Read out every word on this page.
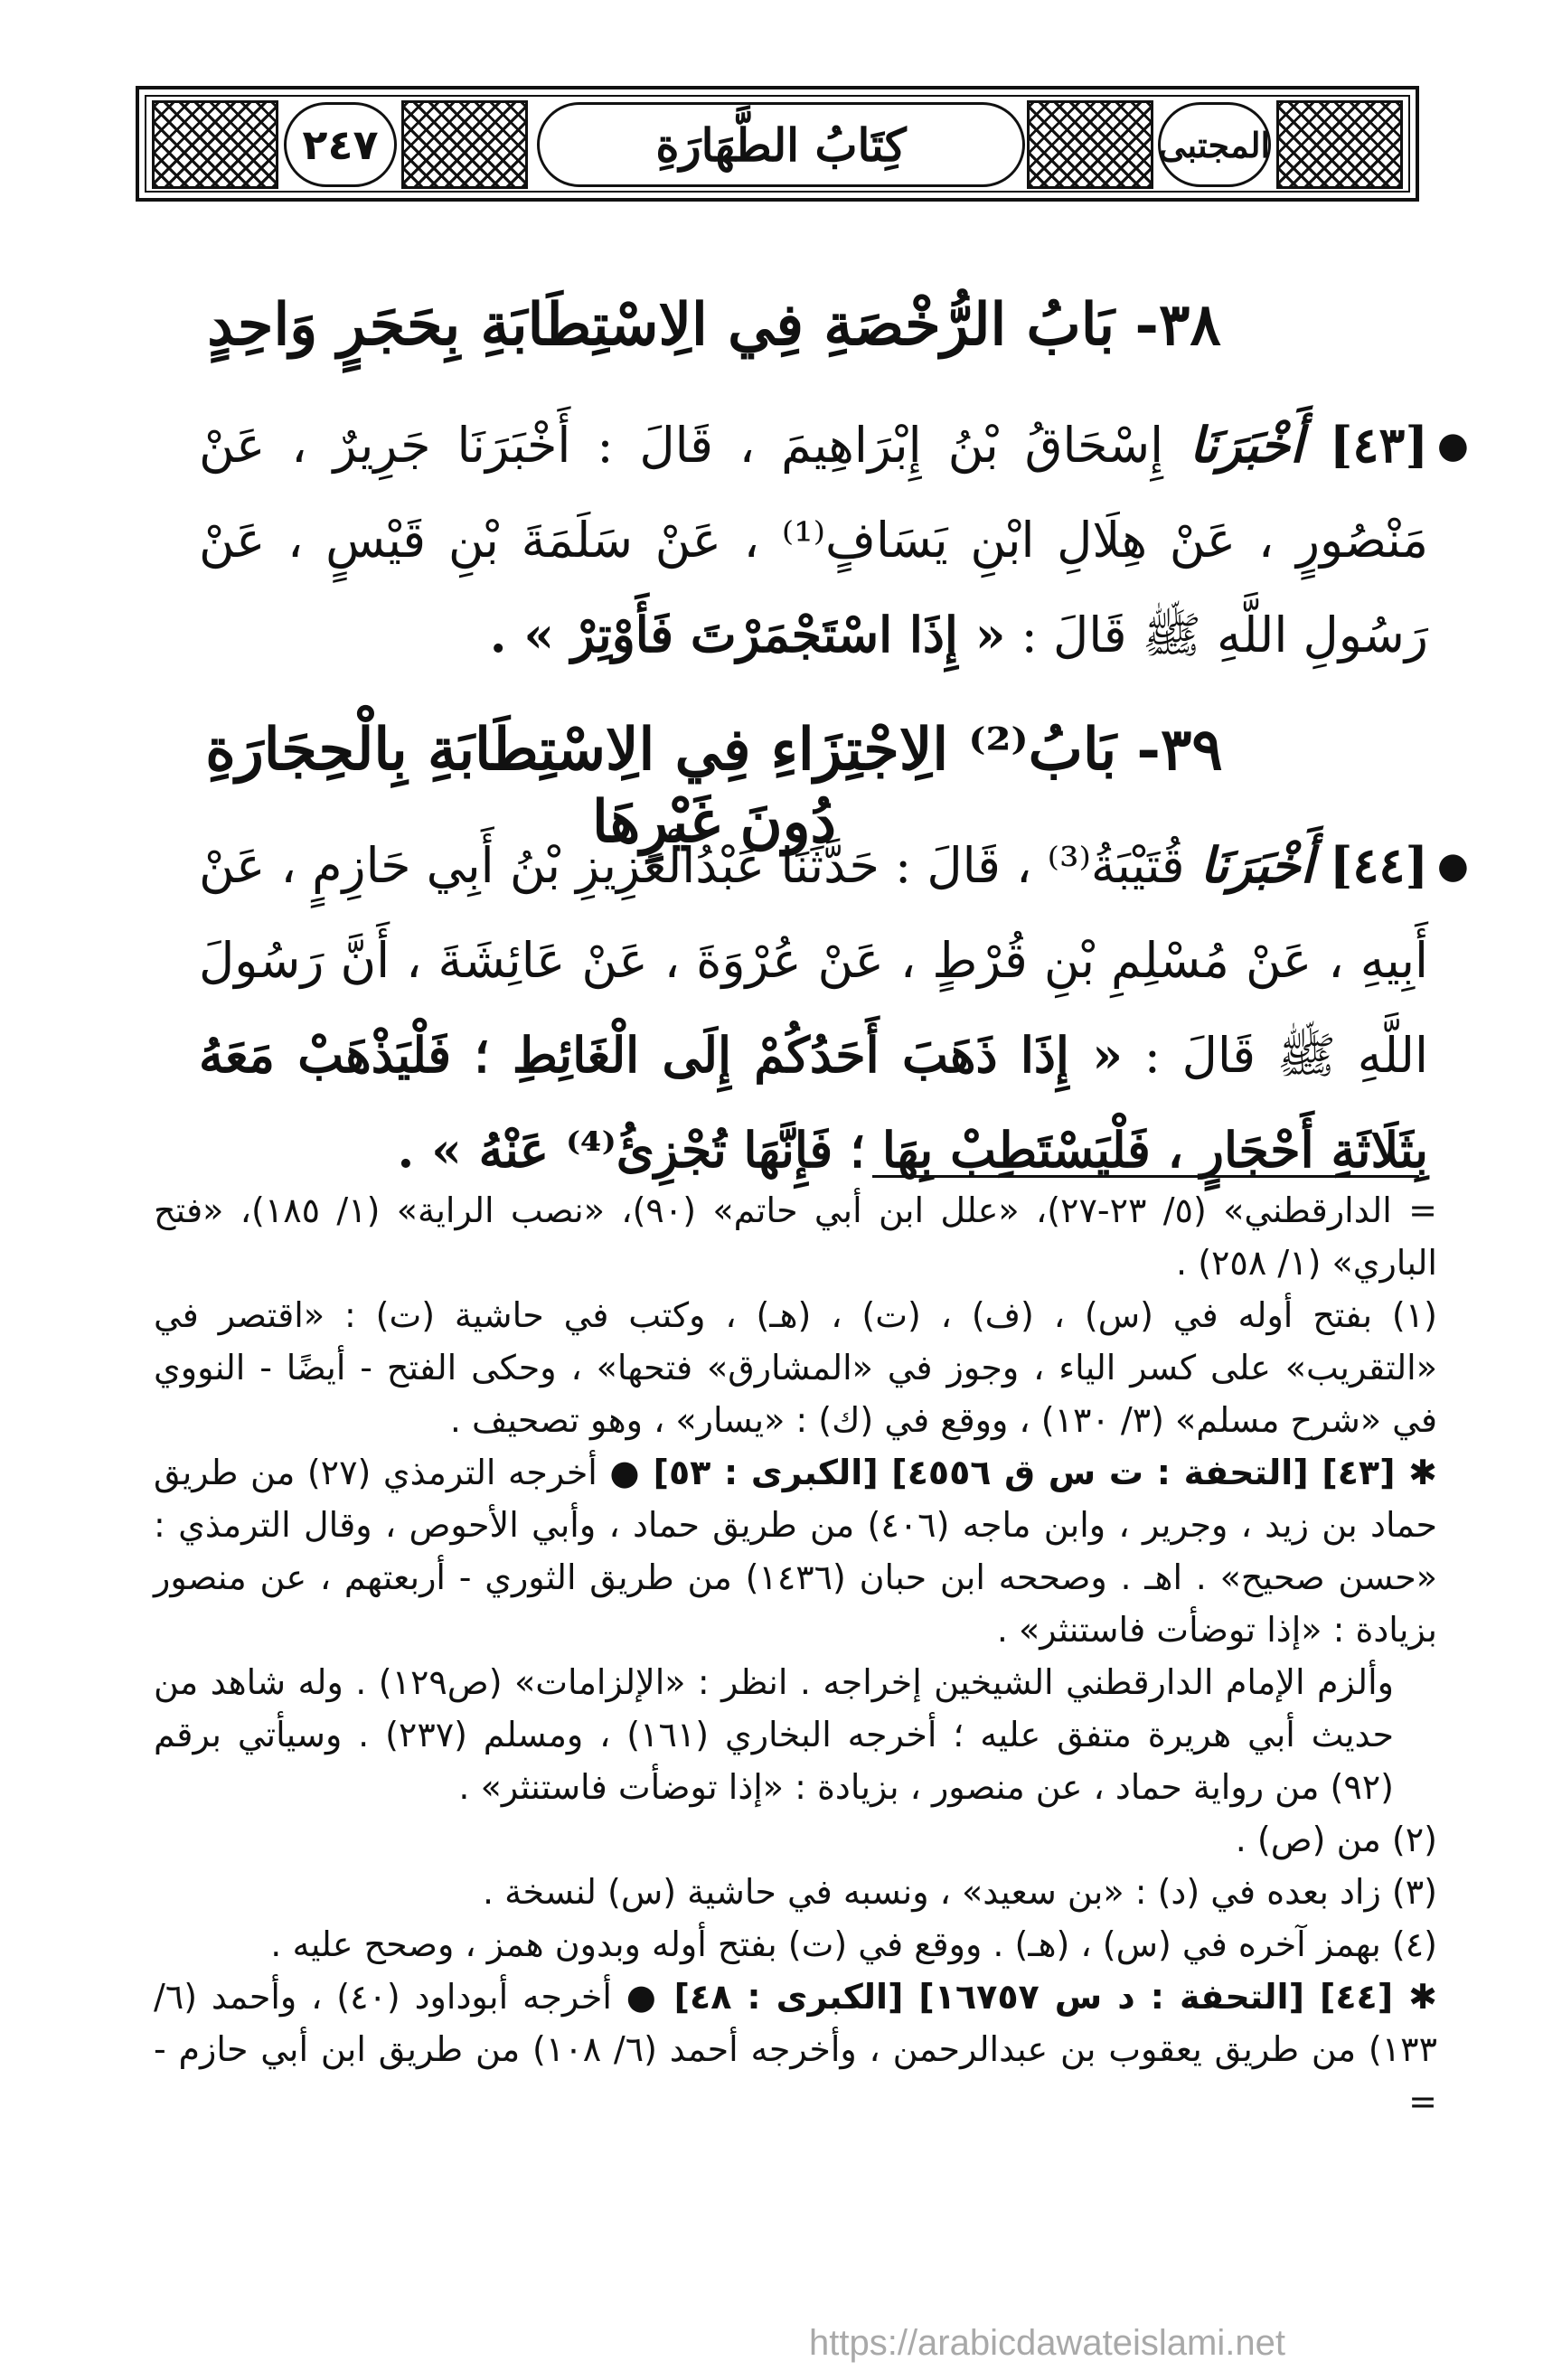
٢٤٧	كِتَابُ الطَّهَارَةِ	المجتبى
٣٨- بَابُ الرُّخْصَةِ فِي الِاسْتِطَابَةِ بِحَجَرٍ وَاحِدٍ
●
[٤٣] أَخْبَرَنَا إِسْحَاقُ بْنُ إِبْرَاهِيمَ ، قَالَ : أَخْبَرَنَا جَرِيرٌ ، عَنْ مَنْصُورٍ ، عَنْ هِلَالِ ابْنِ يَسَافٍ⁽¹⁾ ، عَنْ سَلَمَةَ بْنِ قَيْسٍ ، عَنْ رَسُولِ اللَّهِ ﷺ قَالَ : « إِذَا اسْتَجْمَرْتَ فَأَوْتِرْ » .
٣٩- بَابُ⁽²⁾ الِاجْتِزَاءِ فِي الِاسْتِطَابَةِ بِالْحِجَارَةِ دُونَ غَيْرِهَا
●
[٤٤] أَخْبَرَنَا قُتَيْبَةُ⁽³⁾ ، قَالَ : حَدَّثَنَا عَبْدُالْعَزِيزِ بْنُ أَبِي حَازِمٍ ، عَنْ أَبِيهِ ، عَنْ مُسْلِمِ بْنِ قُرْطٍ ، عَنْ عُرْوَةَ ، عَنْ عَائِشَةَ ، أَنَّ رَسُولَ اللَّهِ ﷺ قَالَ : « إِذَا ذَهَبَ أَحَدُكُمْ إِلَى الْغَائِطِ ؛ فَلْيَذْهَبْ مَعَهُ بِثَلَاثَةِ أَحْجَارٍ ، فَلْيَسْتَطِبْ بِهَا ؛ فَإِنَّهَا تُجْزِئُ⁽⁴⁾ عَنْهُ » .

= الدارقطني» (٥/ ٢٣-٢٧)، «علل ابن أبي حاتم» (٩٠)، «نصب الراية» (١/ ١٨٥)، «فتح الباري» (١/ ٢٥٨) .

(١) بفتح أوله في (س) ، (ف) ، (ت) ، (هـ) ، وكتب في حاشية (ت) : «اقتصر في «التقريب» على كسر الياء ، وجوز في «المشارق» فتحها» ، وحكى الفتح - أيضًا - النووي في «شرح مسلم» (٣/ ١٣٠) ، ووقع في (ك) : «يسار» ، وهو تصحيف .

✱ [٤٣] [التحفة : ت س ق ٤٥٥٦] [الكبرى : ٥٣] ● أخرجه الترمذي (٢٧) من طريق حماد بن زيد ، وجرير ، وابن ماجه (٤٠٦) من طريق حماد ، وأبي الأحوص ، وقال الترمذي : «حسن صحيح» . اهـ . وصححه ابن حبان (١٤٣٦) من طريق الثوري - أربعتهم ، عن منصور بزيادة : «إذا توضأت فاستنثر» .

وألزم الإمام الدارقطني الشيخين إخراجه . انظر : «الإلزامات» (ص١٢٩) . وله شاهد من حديث أبي هريرة متفق عليه ؛ أخرجه البخاري (١٦١) ، ومسلم (٢٣٧) . وسيأتي برقم (٩٢) من رواية حماد ، عن منصور ، بزيادة : «إذا توضأت فاستنثر» .

(٢) من (ص) .

(٣) زاد بعده في (د) : «بن سعيد» ، ونسبه في حاشية (س) لنسخة .

(٤) بهمز آخره في (س) ، (هـ) . ووقع في (ت) بفتح أوله وبدون همز ، وصحح عليه .

✱ [٤٤] [التحفة : د س ١٦٧٥٧] [الكبرى : ٤٨] ● أخرجه أبوداود (٤٠) ، وأحمد (٦/ ١٣٣) من طريق يعقوب بن عبدالرحمن ، وأخرجه أحمد (٦/ ١٠٨) من طريق ابن أبي حازم - =

https://arabicdawateislami.net
